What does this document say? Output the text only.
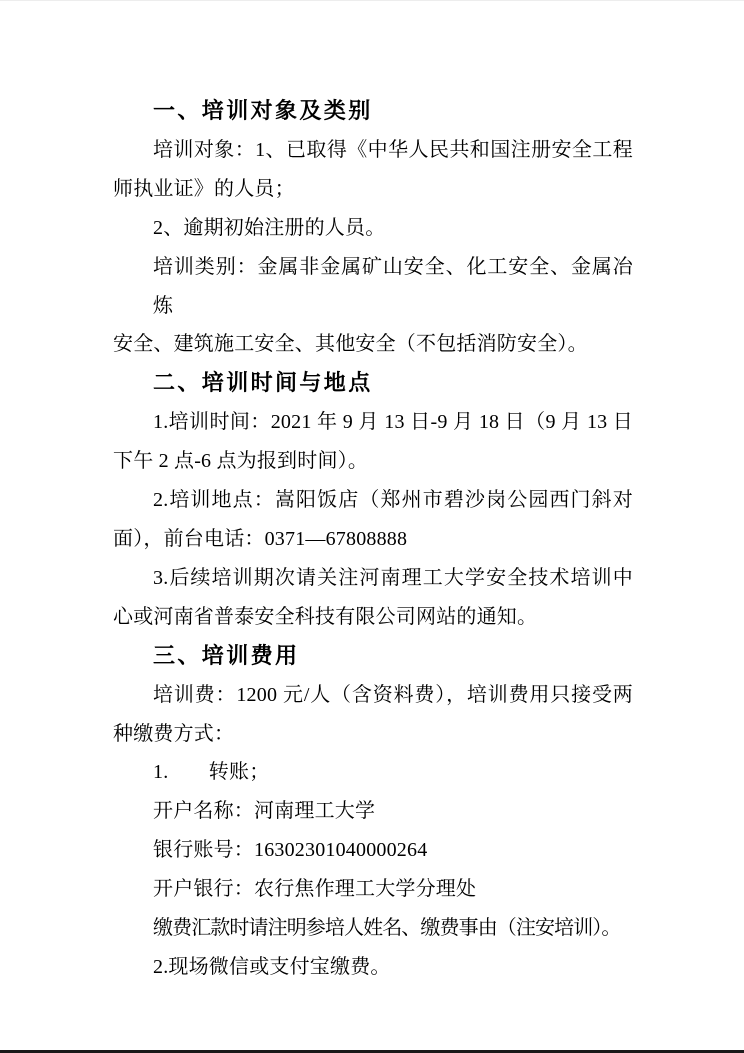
一、培训对象及类别
培训对象：1、已取得《中华人民共和国注册安全工程
师执业证》的人员；
2、逾期初始注册的人员。
培训类别：金属非金属矿山安全、化工安全、金属冶炼
安全、建筑施工安全、其他安全（不包括消防安全）。
二、培训时间与地点
1.培训时间：2021 年 9 月 13 日-9 月 18 日（9 月 13 日
下午 2 点-6 点为报到时间）。
2.培训地点：嵩阳饭店（郑州市碧沙岗公园西门斜对
面），前台电话：0371—67808888
3.后续培训期次请关注河南理工大学安全技术培训中
心或河南省普泰安全科技有限公司网站的通知。
三、培训费用
培训费：1200 元/人（含资料费），培训费用只接受两
种缴费方式：
1.　　转账；
开户名称：河南理工大学
银行账号：16302301040000264
开户银行：农行焦作理工大学分理处
缴费汇款时请注明参培人姓名、缴费事由（注安培训）。
2.现场微信或支付宝缴费。
